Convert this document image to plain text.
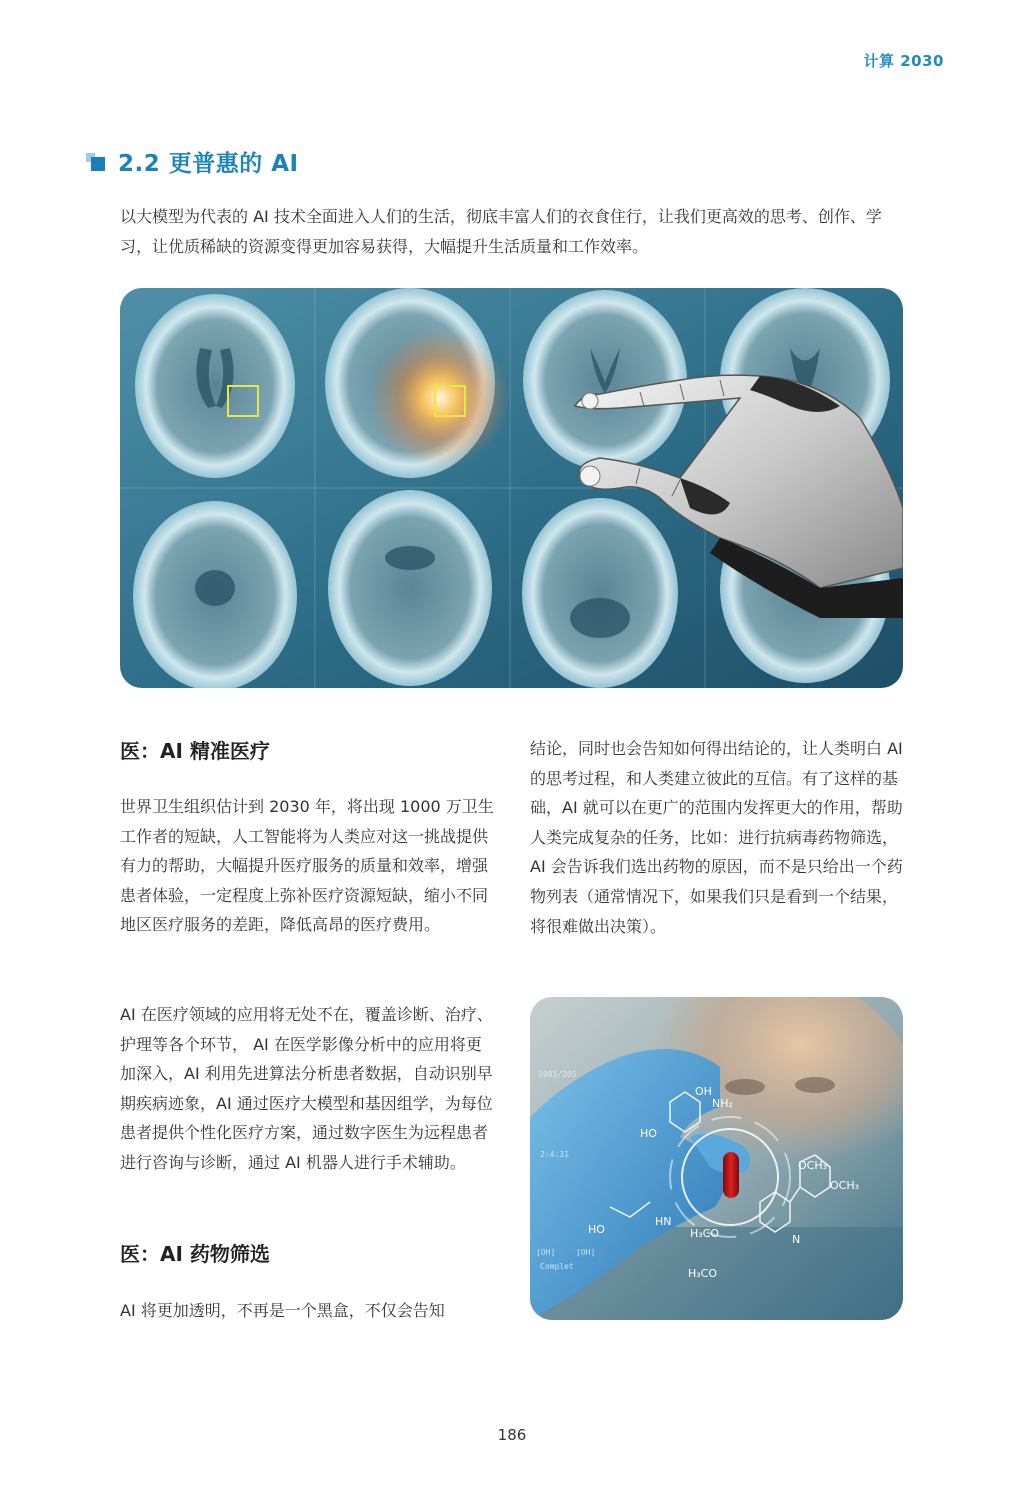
计算 2030
2.2 更普惠的 AI

以大模型为代表的 AI 技术全面进入人们的生活，彻底丰富人们的衣食住行，让我们更高效的思考、创作、学习，让优质稀缺的资源变得更加容易获得，大幅提升生活质量和工作效率。

医：AI 精准医疗

世界卫生组织估计到 2030 年，将出现 1000 万卫生工作者的短缺，人工智能将为人类应对这一挑战提供有力的帮助，大幅提升医疗服务的质量和效率，增强患者体验，一定程度上弥补医疗资源短缺，缩小不同地区医疗服务的差距，降低高昂的医疗费用。

AI 在医疗领域的应用将无处不在，覆盖诊断、治疗、护理等各个环节， AI 在医学影像分析中的应用将更加深入，AI 利用先进算法分析患者数据，自动识别早期疾病迹象，AI 通过医疗大模型和基因组学，为每位患者提供个性化医疗方案，通过数字医生为远程患者进行咨询与诊断，通过 AI 机器人进行手术辅助。

医：AI 药物筛选

AI 将更加透明，不再是一个黑盒，不仅会告知

结论，同时也会告知如何得出结论的，让人类明白 AI 的思考过程，和人类建立彼此的互信。有了这样的基础，AI 就可以在更广的范围内发挥更大的作用，帮助人类完成复杂的任务，比如：进行抗病毒药物筛选，AI 会告诉我们选出药物的原因，而不是只给出一个药物列表（通常情况下，如果我们只是看到一个结果，将很难做出决策）。

OH
NH₂
HO
OCH₃
OCH₃
HN
H₃CO
HO
H₃CO
N
2001/205
[OH]	[OH]
Complet
2:4:31
186
